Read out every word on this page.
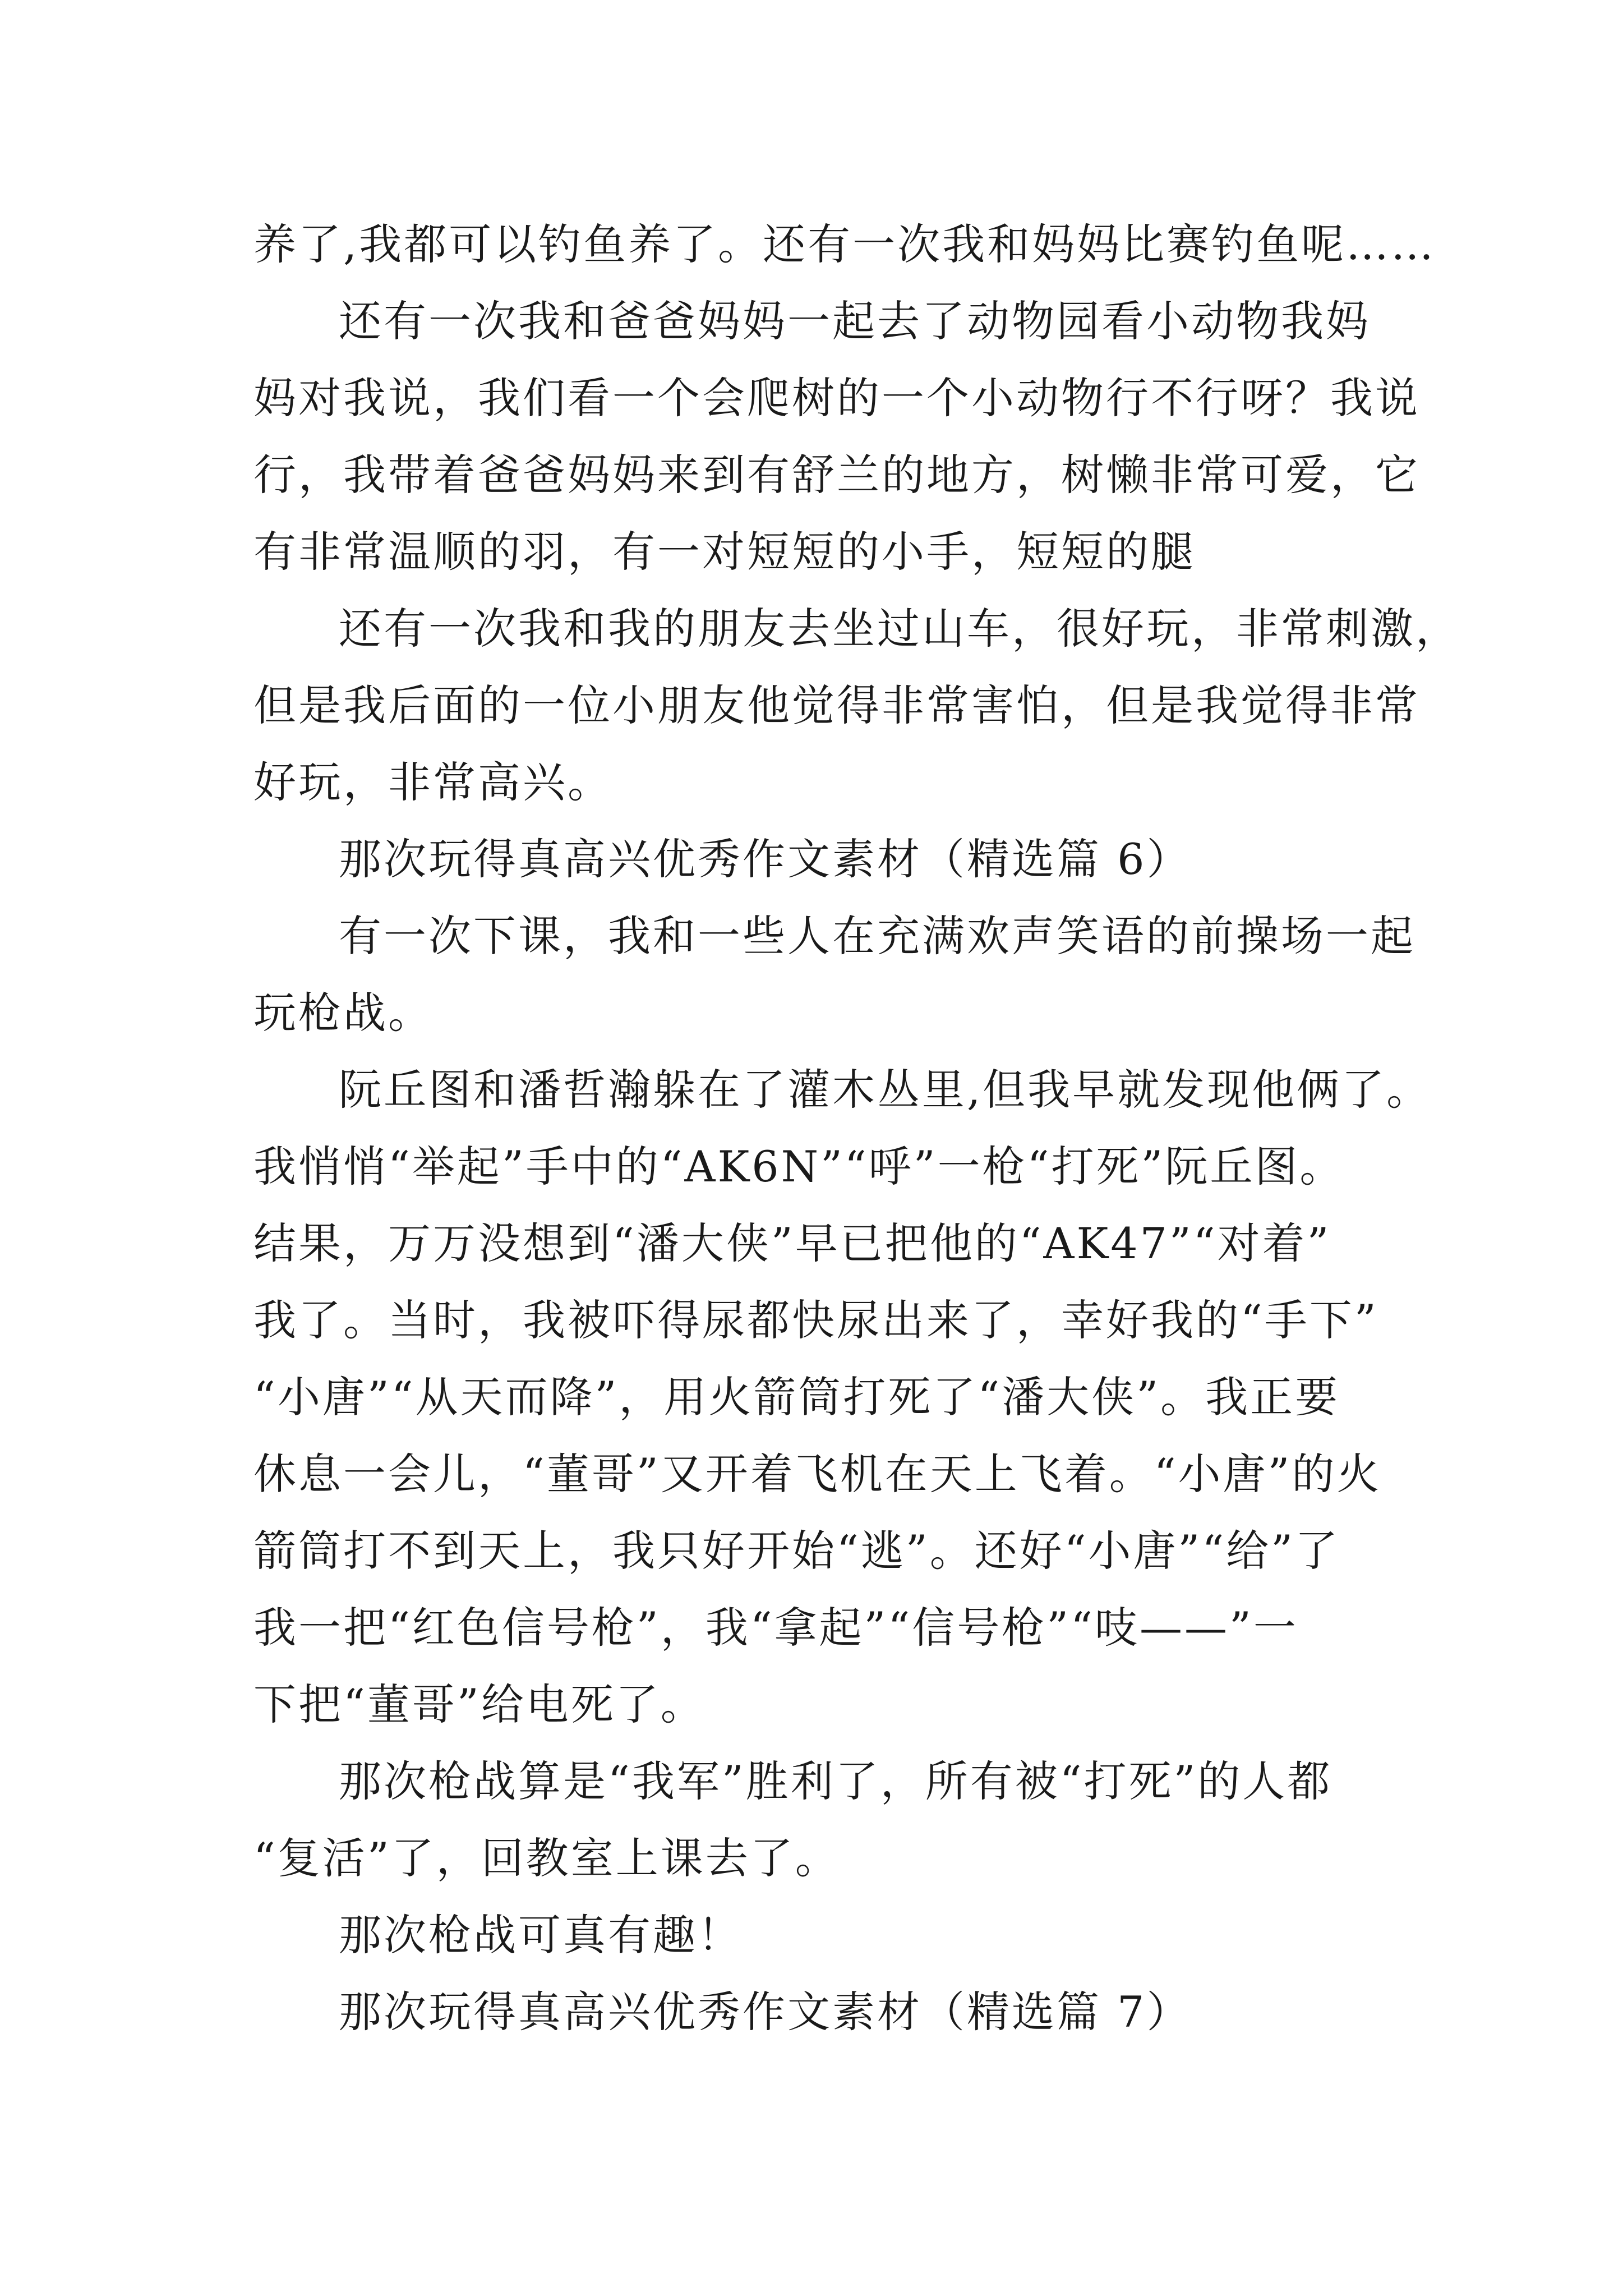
养了,我都可以钓鱼养了。还有一次我和妈妈比赛钓鱼呢……
还有一次我和爸爸妈妈一起去了动物园看小动物我妈
妈对我说，我们看一个会爬树的一个小动物行不行呀？我说
行，我带着爸爸妈妈来到有舒兰的地方，树懒非常可爱，它
有非常温顺的羽，有一对短短的小手，短短的腿
还有一次我和我的朋友去坐过山车，很好玩，非常刺激，
但是我后面的一位小朋友他觉得非常害怕，但是我觉得非常
好玩，非常高兴。
那次玩得真高兴优秀作文素材（精选篇 6）
有一次下课，我和一些人在充满欢声笑语的前操场一起
玩枪战。
阮丘图和潘哲瀚躲在了灌木丛里,但我早就发现他俩了。
我悄悄“举起”手中的“AK6N”“呼”一枪“打死”阮丘图。
结果，万万没想到“潘大侠”早已把他的“AK47”“对着”
我了。当时，我被吓得尿都快尿出来了，幸好我的“手下”
“小唐”“从天而降”，用火箭筒打死了“潘大侠”。我正要
休息一会儿，“董哥”又开着飞机在天上飞着。“小唐”的火
箭筒打不到天上，我只好开始“逃”。还好“小唐”“给”了
我一把“红色信号枪”，我“拿起”“信号枪”“吱——”一
下把“董哥”给电死了。
那次枪战算是“我军”胜利了，所有被“打死”的人都
“复活”了，回教室上课去了。
那次枪战可真有趣！
那次玩得真高兴优秀作文素材（精选篇 7）
